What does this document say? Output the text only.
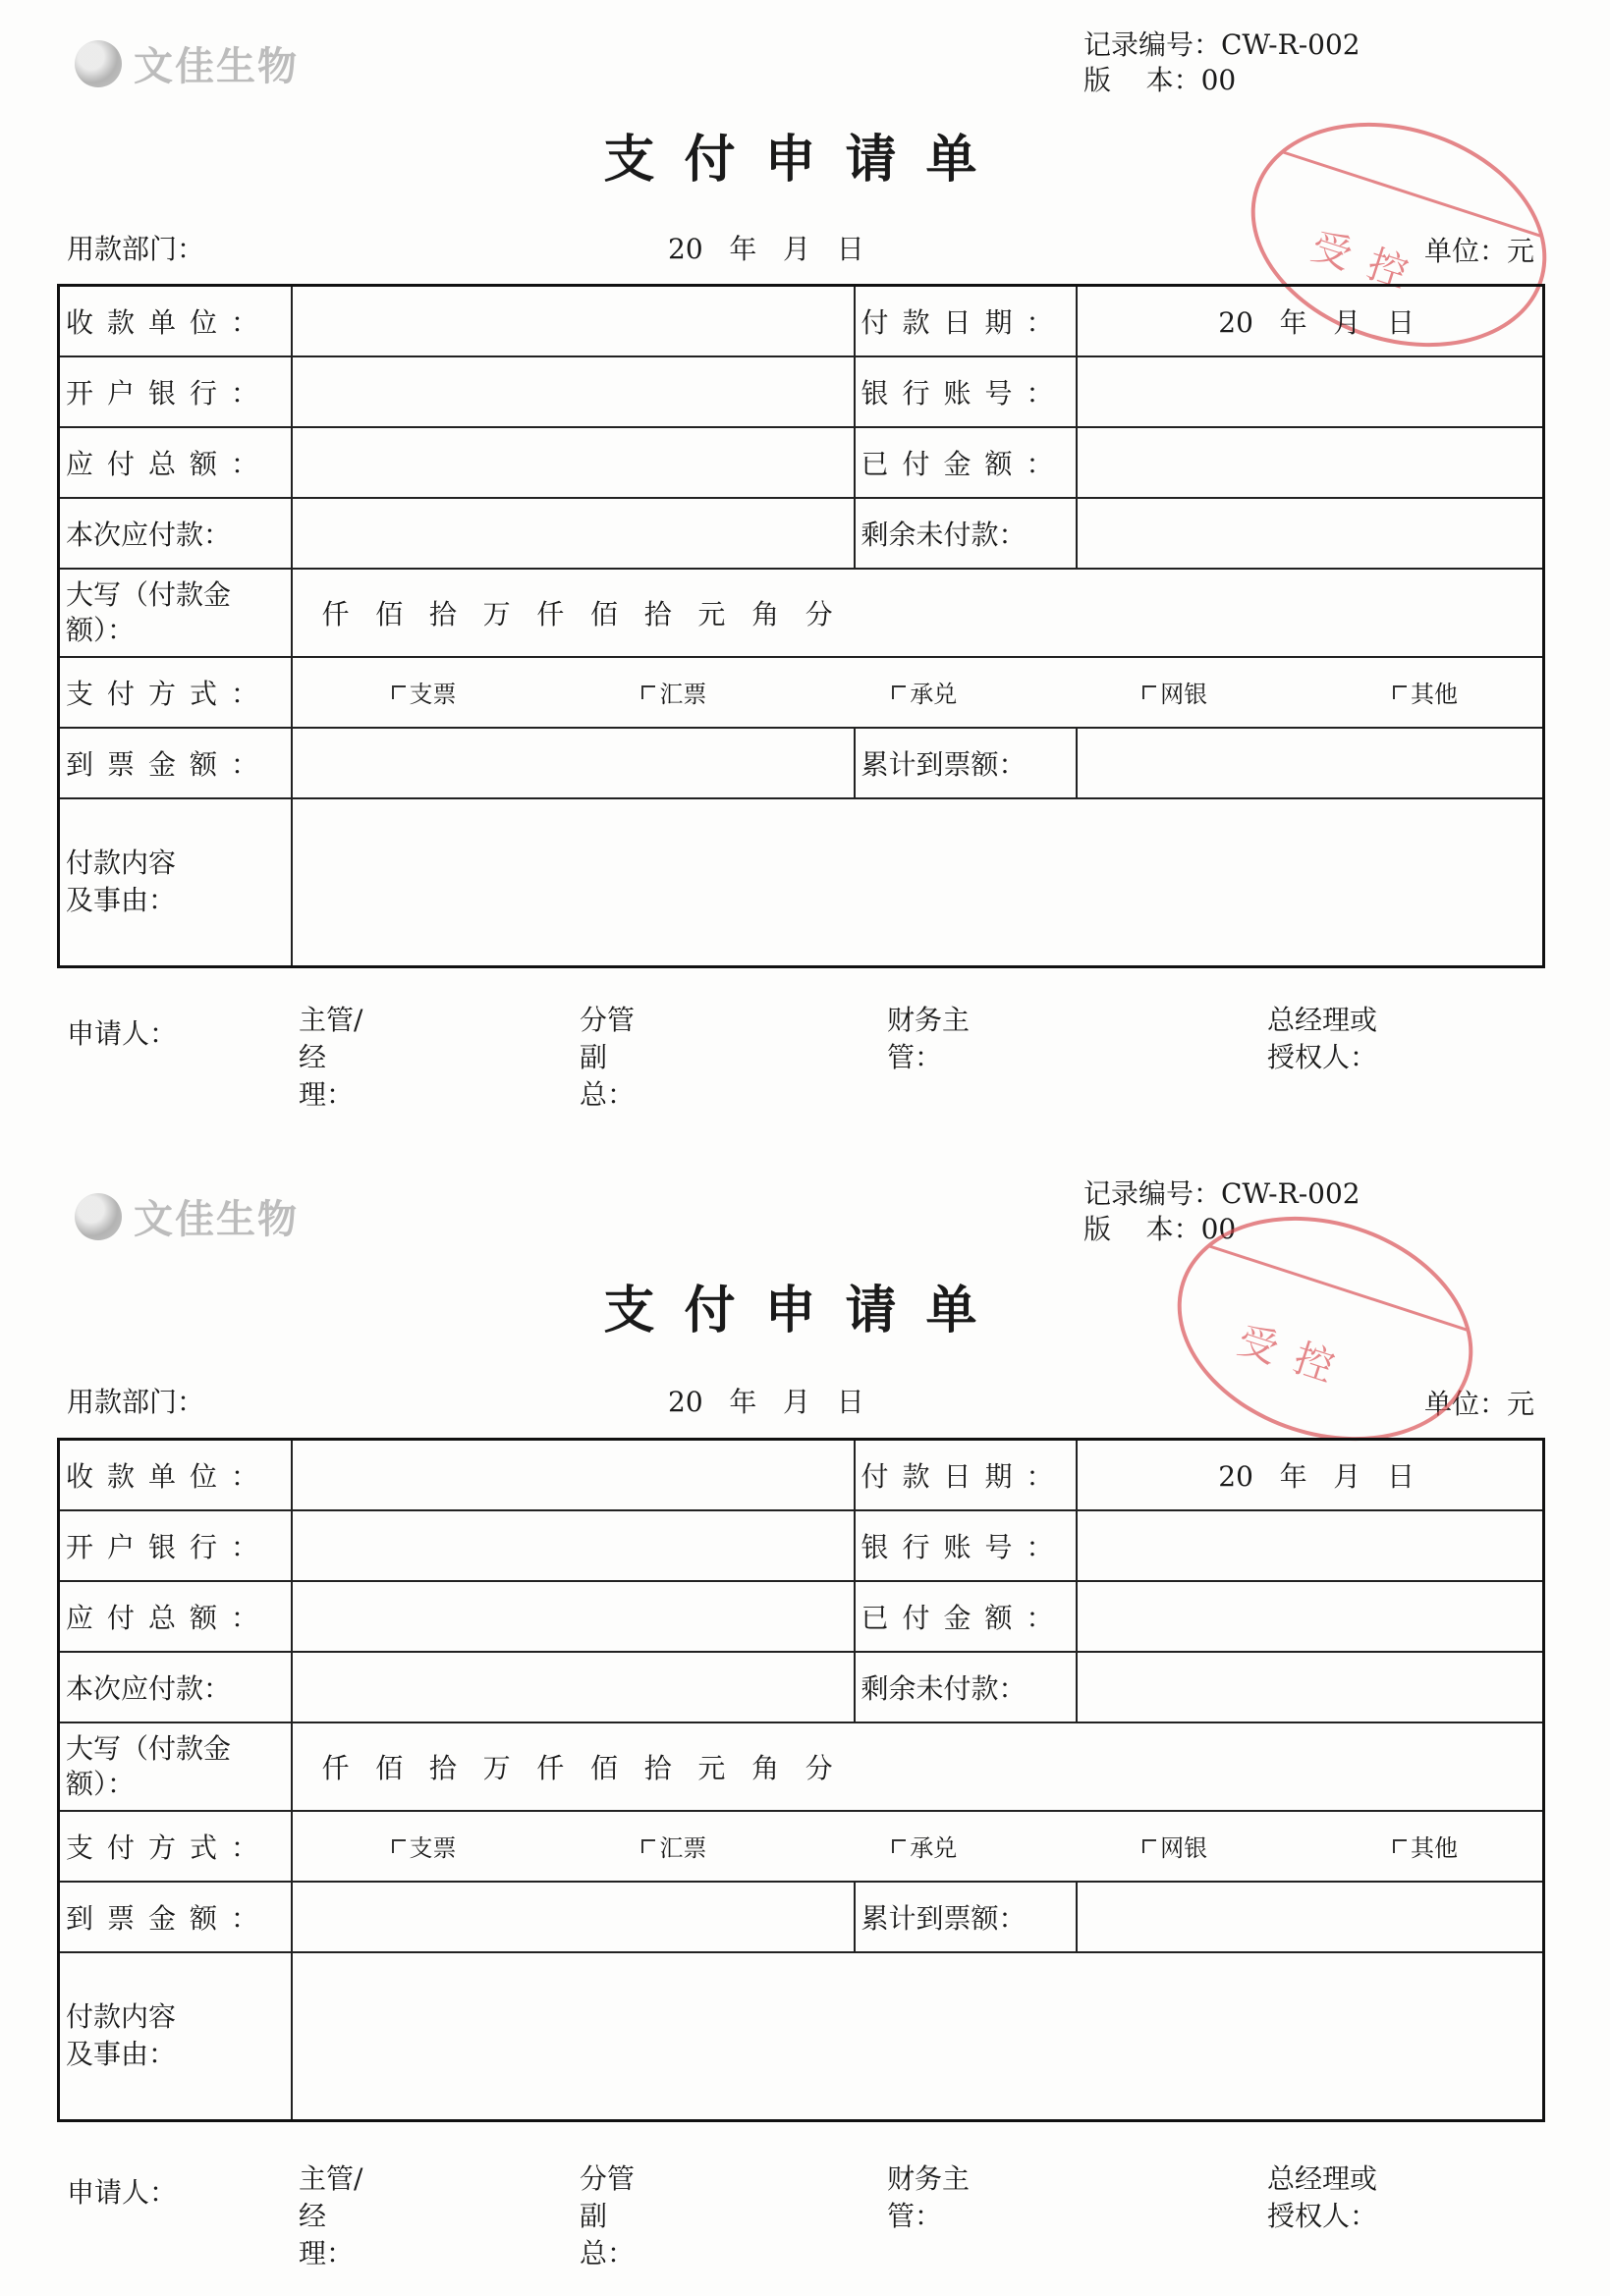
文佳生物	记录编号：CW-R-002
版    本：00
支付申请单
用款部门：	20   年   月   日	单位：元
受控
收款单位：		付款日期：	20   年   月   日
开户银行：		银行账号：	
应付总额：		已付金额：	
本次应付款：		剩余未付款：	
大写（付款金额）：	仟   佰   拾   万   仟   佰   拾   元   角   分		
支付方式：	支票 汇票 承兑 网银 其他		

到票金额：		累计到票额：	

付款内容及事由：			

申请人：	主管/经理：
分管副总：
财务主管：
总经理或授权人：
文佳生物
记录编号：CW-R-002
版    本：00
支付申请单
用款部门：	20   年   月   日	单位：元
受控
收款单位：		付款日期：	20   年   月   日
开户银行：		银行账号：	
应付总额：		已付金额：	
本次应付款：		剩余未付款：	
大写（付款金额）：	仟   佰   拾   万   仟   佰   拾   元   角   分		
支付方式：	支票 汇票 承兑 网银 其他		

到票金额：		累计到票额：	

付款内容及事由：			

申请人：	主管/经理：
分管副总：
财务主管：
总经理或授权人：
